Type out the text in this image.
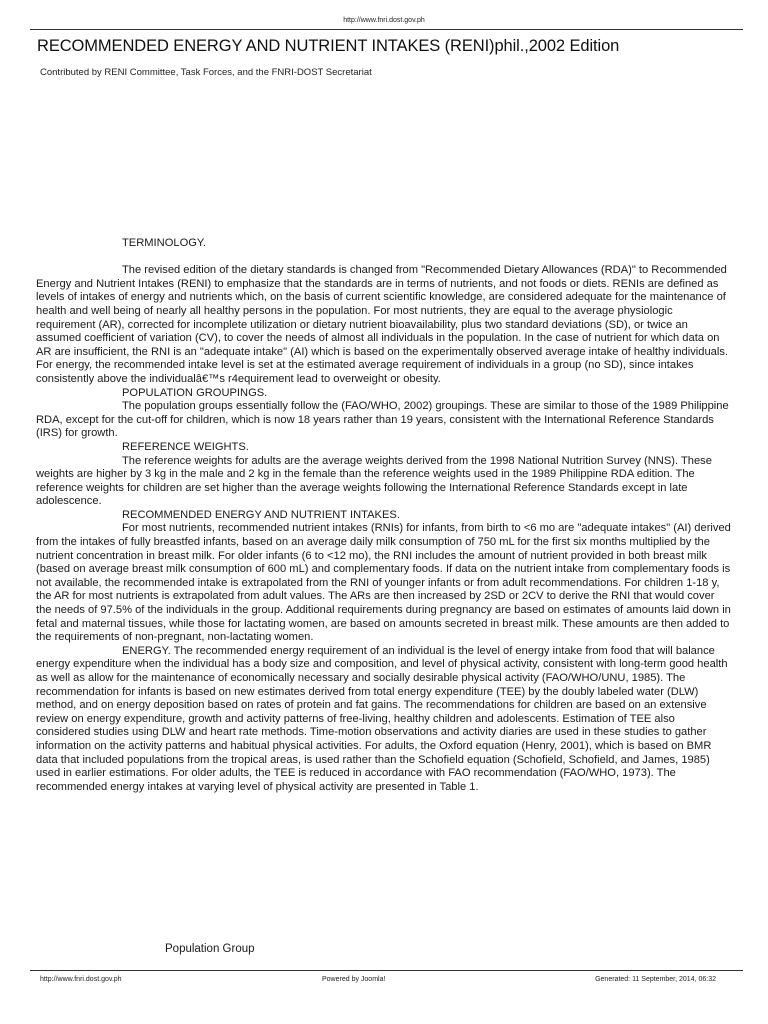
http://www.fnri.dost.gov.ph
RECOMMENDED ENERGY AND NUTRIENT INTAKES (RENI)phil.,2002 Edition
Contributed by RENI Committee, Task Forces, and the FNRI-DOST Secretariat

TERMINOLOGY.

The revised edition of the dietary standards is changed from "Recommended Dietary Allowances (RDA)" to Recommended Energy and Nutrient Intakes (RENI) to emphasize that the standards are in terms of nutrients, and not foods or diets. RENIs are defined as levels of intakes of energy and nutrients which, on the basis of current scientific knowledge, are considered adequate for the maintenance of health and well being of nearly all healthy persons in the population. For most nutrients, they are equal to the average physiologic requirement (AR), corrected for incomplete utilization or dietary nutrient bioavailability, plus two standard deviations (SD), or twice an assumed coefficient of variation (CV), to cover the needs of almost all individuals in the population. In the case of nutrient for which data on AR are insufficient, the RNI is an "adequate intake" (AI) which is based on the experimentally observed average intake of healthy individuals. For energy, the recommended intake level is set at the estimated average requirement of individuals in a group (no SD), since intakes consistently above the individualâ€™s r4equirement lead to overweight or obesity.

POPULATION GROUPINGS.

The population groups essentially follow the (FAO/WHO, 2002) groupings. These are similar to those of the 1989 Philippine RDA, except for the cut-off for children, which is now 18 years rather than 19 years, consistent with the International Reference Standards (IRS) for growth.

REFERENCE WEIGHTS.

The reference weights for adults are the average weights derived from the 1998 National Nutrition Survey (NNS). These weights are higher by 3 kg in the male and 2 kg in the female than the reference weights used in the 1989 Philippine RDA edition. The reference weights for children are set higher than the average weights following the International Reference Standards except in late adolescence.

RECOMMENDED ENERGY AND NUTRIENT INTAKES.

For most nutrients, recommended nutrient intakes (RNIs) for infants, from birth to <6 mo are "adequate intakes" (AI) derived from the intakes of fully breastfed infants, based on an average daily milk consumption of 750 mL for the first six months multiplied by the nutrient concentration in breast milk. For older infants (6 to <12 mo), the RNI includes the amount of nutrient provided in both breast milk (based on average breast milk consumption of 600 mL) and complementary foods. If data on the nutrient intake from complementary foods is not available, the recommended intake is extrapolated from the RNI of younger infants or from adult recommendations. For children 1-18 y, the AR for most nutrients is extrapolated from adult values. The ARs are then increased by 2SD or 2CV to derive the RNI that would cover the needs of 97.5% of the individuals in the group. Additional requirements during pregnancy are based on estimates of amounts laid down in fetal and maternal tissues, while those for lactating women, are based on amounts secreted in breast milk. These amounts are then added to the requirements of non-pregnant, non-lactating women.

ENERGY. The recommended energy requirement of an individual is the level of energy intake from food that will balance energy expenditure when the individual has a body size and composition, and level of physical activity, consistent with long-term good health as well as allow for the maintenance of economically necessary and socially desirable physical activity (FAO/WHO/UNU, 1985). The recommendation for infants is based on new estimates derived from total energy expenditure (TEE) by the doubly labeled water (DLW) method, and on energy deposition based on rates of protein and fat gains. The recommendations for children are based on an extensive review on energy expenditure, growth and activity patterns of free-living, healthy children and adolescents. Estimation of TEE also considered studies using DLW and heart rate methods. Time-motion observations and activity diaries are used in these studies to gather information on the activity patterns and habitual physical activities. For adults, the Oxford equation (Henry, 2001), which is based on BMR data that included populations from the tropical areas, is used rather than the Schofield equation (Schofield, Schofield, and James, 1985) used in earlier estimations. For older adults, the TEE is reduced in accordance with FAO recommendation (FAO/WHO, 1973). The recommended energy intakes at varying level of physical activity are presented in Table 1.

Population Group
http://www.fnri.dost.gov.ph	Powered by Joomla!	Generated: 11 September, 2014, 06:32
